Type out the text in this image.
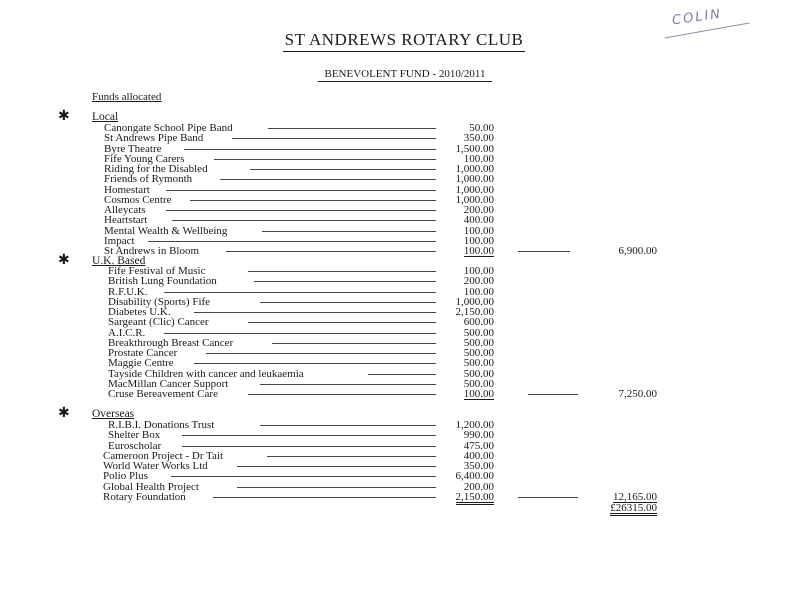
COLIN
ST ANDREWS ROTARY CLUB
BENEVOLENT FUND - 2010/2011
Funds allocated
✱ Local
Canongate School Pipe Band	50.00
St Andrews Pipe Band	350.00
Byre Theatre	1,500.00
Fife Young Carers	100.00
Riding for the Disabled	1,000.00
Friends of Rymonth	1,000.00
Homestart	1,000.00
Cosmos Centre	1,000.00
Alleycats	200.00
Heartstart	400.00
Mental Wealth & Wellbeing	100.00
Impact	100.00
St Andrews in Bloom	100.00	6,900.00
✱ U.K. Based
Fife Festival of Music	100.00
British Lung Foundation	200.00
R.F.U.K.	100.00
Disability (Sports) Fife	1,000.00
Diabetes U.K.	2,150.00
Sargeant (Clic) Cancer	600.00
A.I.C.R.	500.00
Breakthrough Breast Cancer	500.00
Prostate Cancer	500.00
Maggie Centre	500.00
Tayside Children with cancer and leukaemia	500.00
MacMillan Cancer Support	500.00
Cruse Bereavement Care	100.00	7,250.00
✱ Overseas
R.I.B.I. Donations Trust	1,200.00
Shelter Box	990.00
Euroscholar	475.00
Cameroon Project - Dr Tait	400.00
World Water Works Ltd	350.00
Polio Plus	6,400.00
Global Health Project	200.00
Rotary Foundation	2,150.00	12,165.00
£26315.00
